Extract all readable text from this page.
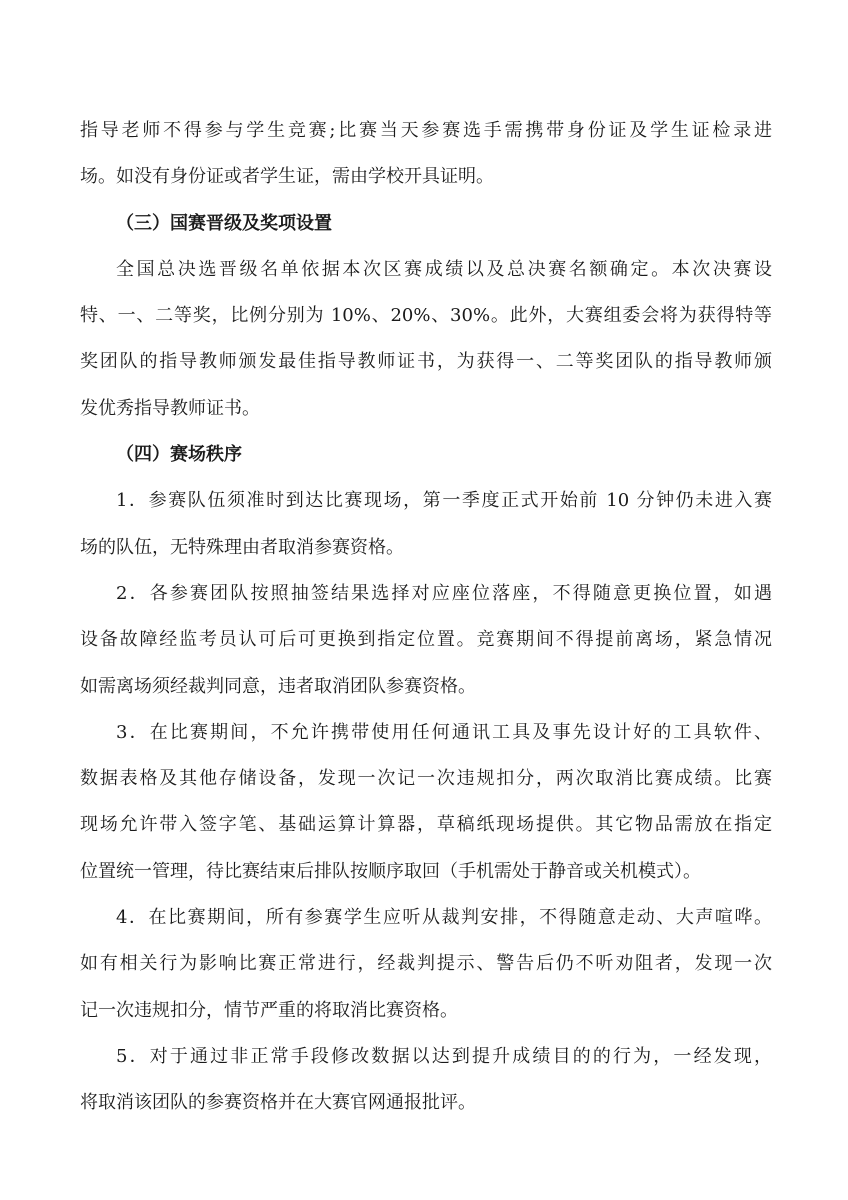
指导老师不得参与学生竞赛;比赛当天参赛选手需携带身份证及学生证检录进
场。如没有身份证或者学生证，需由学校开具证明。
（三）国赛晋级及奖项设置
全国总决选晋级名单依据本次区赛成绩以及总决赛名额确定。本次决赛设
特、一、二等奖，比例分别为 10%、20%、30%。此外，大赛组委会将为获得特等
奖团队的指导教师颁发最佳指导教师证书，为获得一、二等奖团队的指导教师颁
发优秀指导教师证书。
（四）赛场秩序
1．参赛队伍须准时到达比赛现场，第一季度正式开始前 10 分钟仍未进入赛
场的队伍，无特殊理由者取消参赛资格。
2．各参赛团队按照抽签结果选择对应座位落座，不得随意更换位置，如遇
设备故障经监考员认可后可更换到指定位置。竞赛期间不得提前离场，紧急情况
如需离场须经裁判同意，违者取消团队参赛资格。
3．在比赛期间，不允许携带使用任何通讯工具及事先设计好的工具软件、
数据表格及其他存储设备，发现一次记一次违规扣分，两次取消比赛成绩。比赛
现场允许带入签字笔、基础运算计算器，草稿纸现场提供。其它物品需放在指定
位置统一管理，待比赛结束后排队按顺序取回（手机需处于静音或关机模式）。
4．在比赛期间，所有参赛学生应听从裁判安排，不得随意走动、大声喧哗。
如有相关行为影响比赛正常进行，经裁判提示、警告后仍不听劝阻者，发现一次
记一次违规扣分，情节严重的将取消比赛资格。
5．对于通过非正常手段修改数据以达到提升成绩目的的行为，一经发现，
将取消该团队的参赛资格并在大赛官网通报批评。
